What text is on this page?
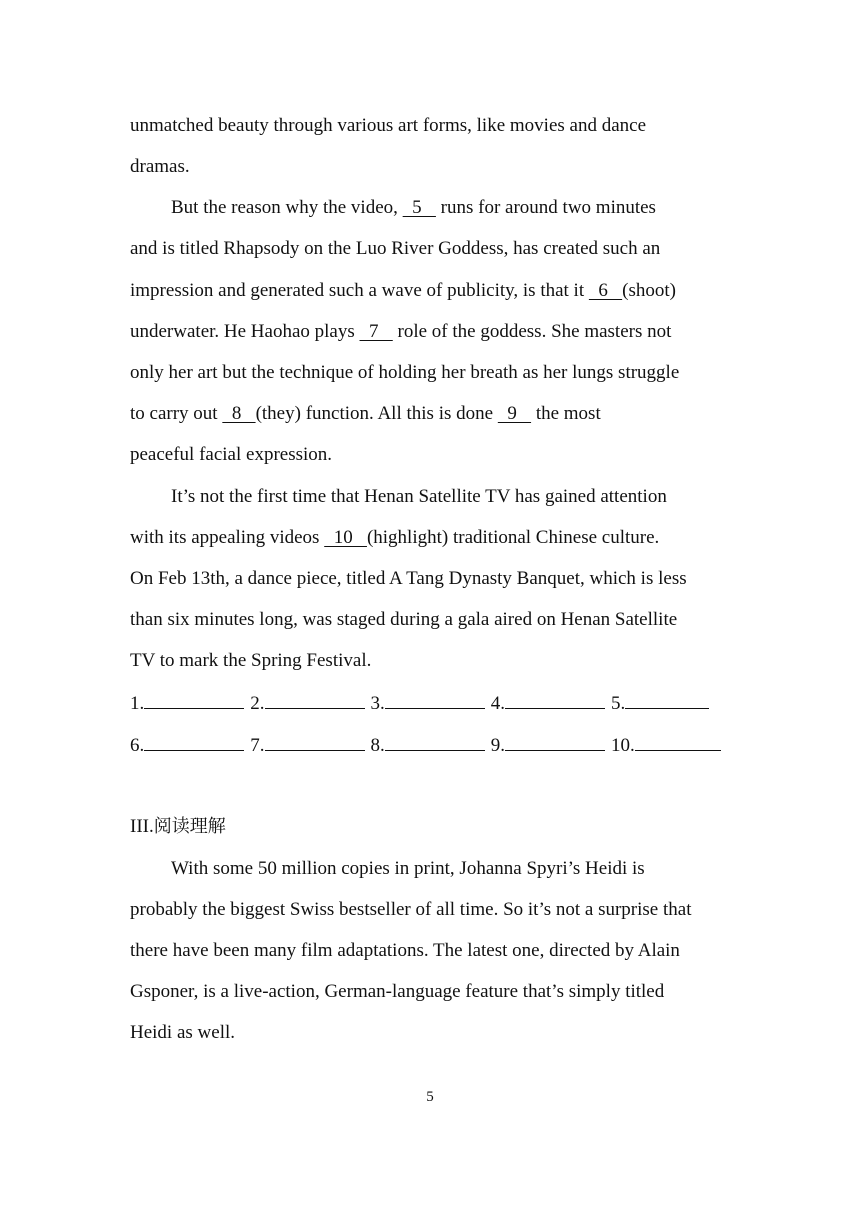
unmatched beauty through various art forms, like movies and dance
dramas.
But the reason why the video,   5    runs for around two minutes
and is titled Rhapsody on the Luo River Goddess, has created such an
impression and generated such a wave of publicity, is that it   6   (shoot)
underwater. He Haohao plays   7    role of the goddess. She masters not
only her art but the technique of holding her breath as her lungs struggle
to carry out   8   (they) function. All this is done   9    the most
peaceful facial expression.
It’s not the first time that Henan Satellite TV has gained attention
with its appealing videos   10   (highlight) traditional Chinese culture.
On Feb 13th, a dance piece, titled A Tang Dynasty Banquet, which is less
than six minutes long, was staged during a gala aired on Henan Satellite
TV to mark the Spring Festival.
1.	2.	3.	4.	5.
6.	7.	8.	9.	10.
III.阅读理解
With some 50 million copies in print, Johanna Spyri’s Heidi is
probably the biggest Swiss bestseller of all time. So it’s not a surprise that
there have been many film adaptations. The latest one, directed by Alain
Gsponer, is a live-action, German-language feature that’s simply titled
Heidi as well.
5
